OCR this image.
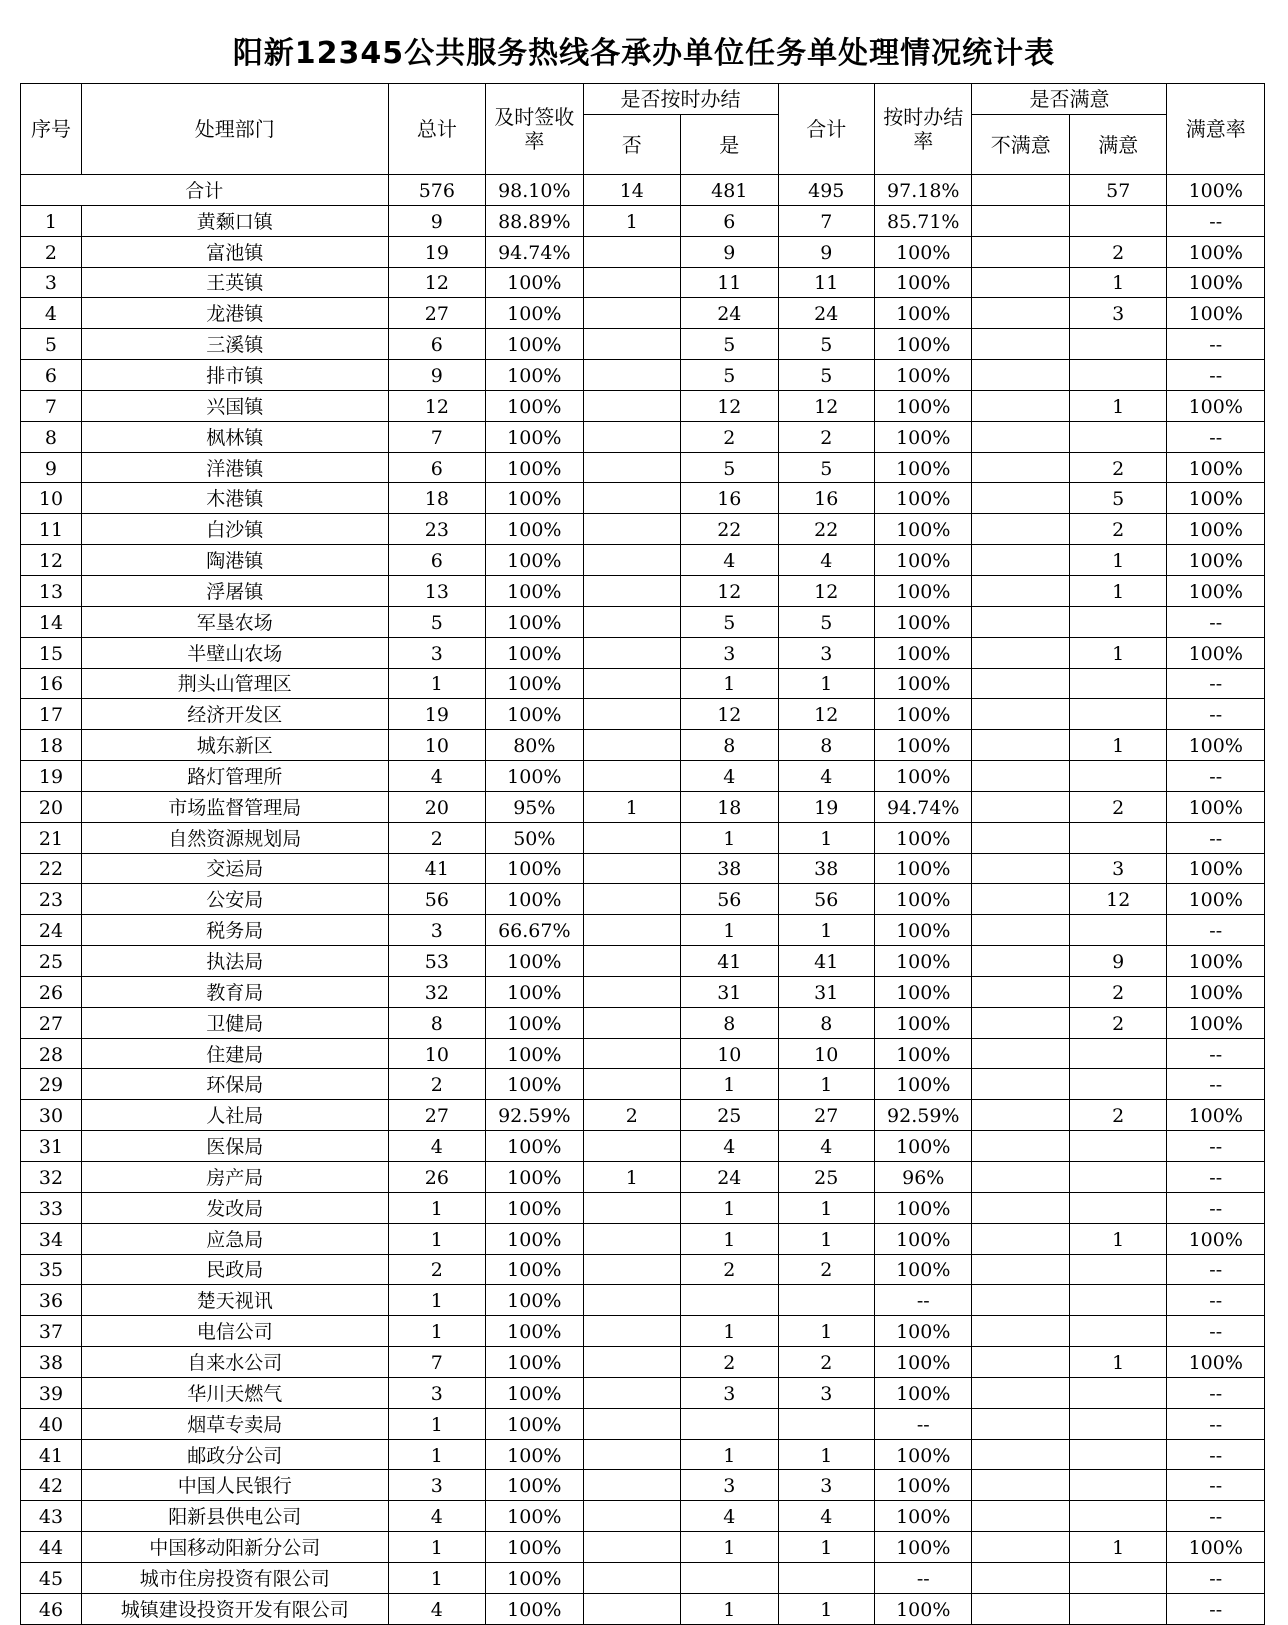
阳新12345公共服务热线各承办单位任务单处理情况统计表
序号	处理部门	总计	及时签收率	是否按时办结		合计	按时办结率	是否满意		满意率
				否	是			不满意	满意	
合计		576	98.10%	14	481	495	97.18%		57	100%
1	黄颡口镇	9	88.89%	1	6	7	85.71%			--
2	富池镇	19	94.74%		9	9	100%		2	100%
3	王英镇	12	100%		11	11	100%		1	100%
4	龙港镇	27	100%		24	24	100%		3	100%
5	三溪镇	6	100%		5	5	100%			--
6	排市镇	9	100%		5	5	100%			--
7	兴国镇	12	100%		12	12	100%		1	100%
8	枫林镇	7	100%		2	2	100%			--
9	洋港镇	6	100%		5	5	100%		2	100%
10	木港镇	18	100%		16	16	100%		5	100%
11	白沙镇	23	100%		22	22	100%		2	100%
12	陶港镇	6	100%		4	4	100%		1	100%
13	浮屠镇	13	100%		12	12	100%		1	100%
14	军垦农场	5	100%		5	5	100%			--
15	半壁山农场	3	100%		3	3	100%		1	100%
16	荆头山管理区	1	100%		1	1	100%			--
17	经济开发区	19	100%		12	12	100%			--
18	城东新区	10	80%		8	8	100%		1	100%
19	路灯管理所	4	100%		4	4	100%			--
20	市场监督管理局	20	95%	1	18	19	94.74%		2	100%
21	自然资源规划局	2	50%		1	1	100%			--
22	交运局	41	100%		38	38	100%		3	100%
23	公安局	56	100%		56	56	100%		12	100%
24	税务局	3	66.67%		1	1	100%			--
25	执法局	53	100%		41	41	100%		9	100%
26	教育局	32	100%		31	31	100%		2	100%
27	卫健局	8	100%		8	8	100%		2	100%
28	住建局	10	100%		10	10	100%			--
29	环保局	2	100%		1	1	100%			--
30	人社局	27	92.59%	2	25	27	92.59%		2	100%
31	医保局	4	100%		4	4	100%			--
32	房产局	26	100%	1	24	25	96%			--
33	发改局	1	100%		1	1	100%			--
34	应急局	1	100%		1	1	100%		1	100%
35	民政局	2	100%		2	2	100%			--
36	楚天视讯	1	100%				--			--
37	电信公司	1	100%		1	1	100%			--
38	自来水公司	7	100%		2	2	100%		1	100%
39	华川天燃气	3	100%		3	3	100%			--
40	烟草专卖局	1	100%				--			--
41	邮政分公司	1	100%		1	1	100%			--
42	中国人民银行	3	100%		3	3	100%			--
43	阳新县供电公司	4	100%		4	4	100%			--
44	中国移动阳新分公司	1	100%		1	1	100%		1	100%
45	城市住房投资有限公司	1	100%				--			--
46	城镇建设投资开发有限公司	4	100%		1	1	100%			--
